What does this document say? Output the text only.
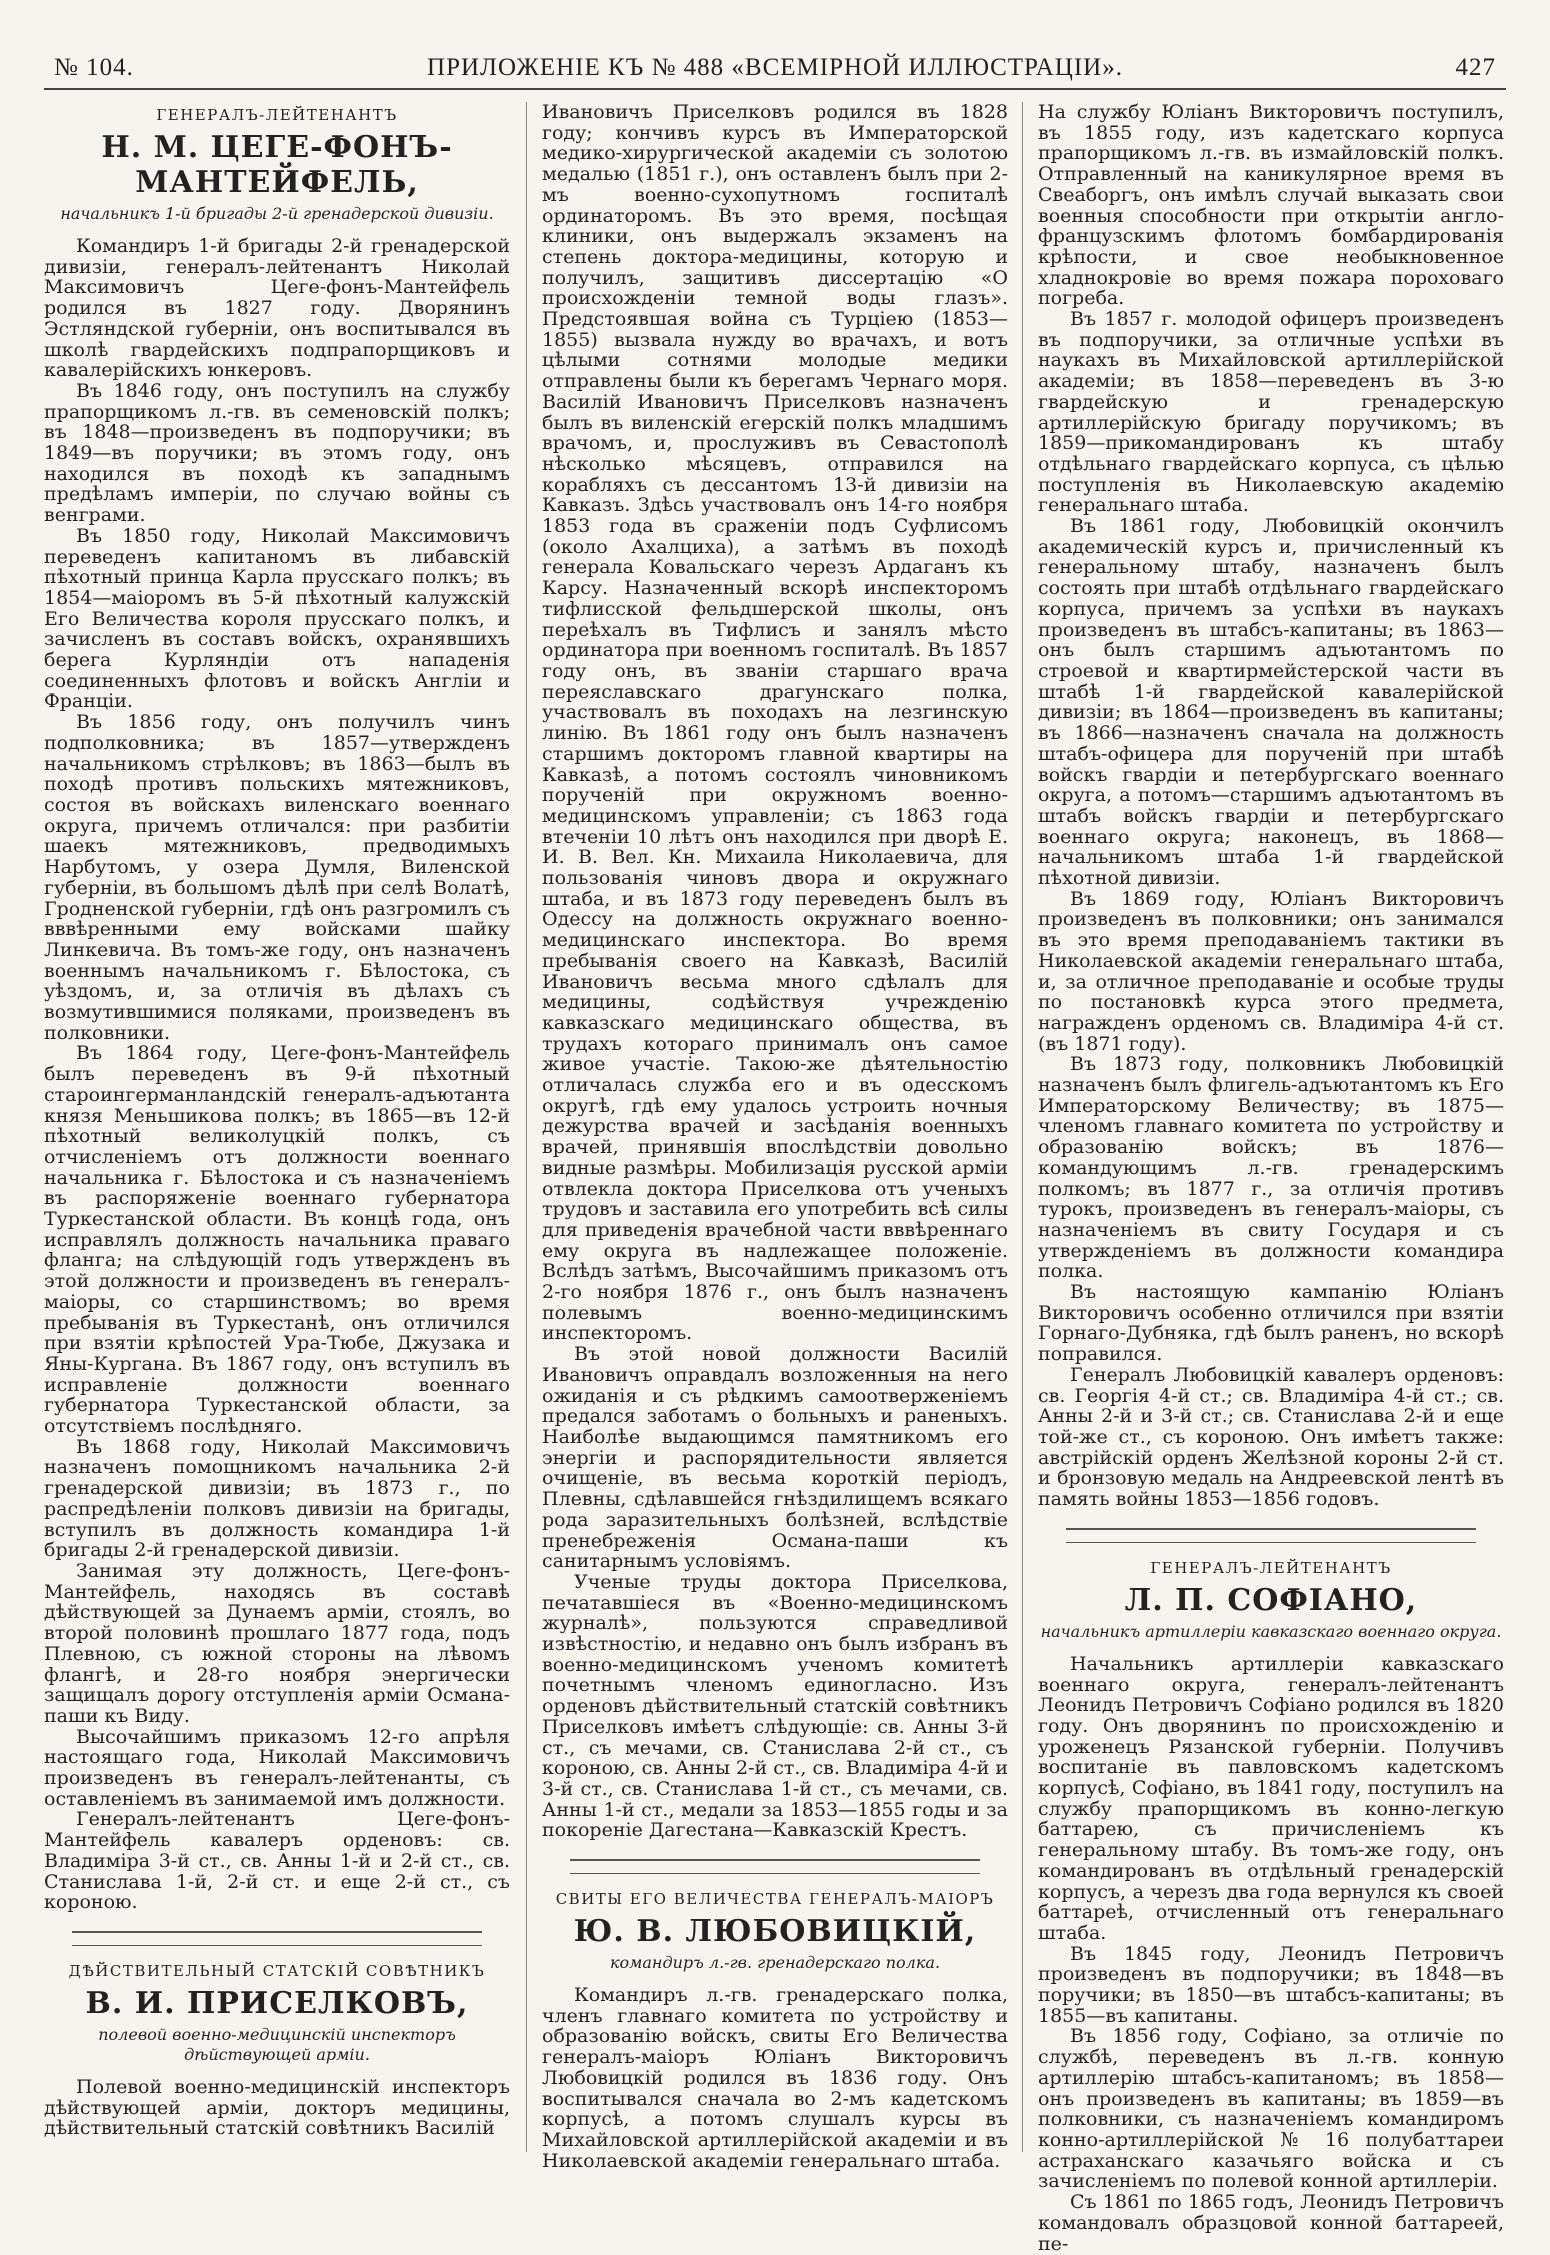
№ 104.	ПРИЛОЖЕНІЕ КЪ № 488 «ВСЕМІРНОЙ ИЛЛЮСТРАЦІИ».	427
ГЕНЕРАЛЪ-ЛЕЙТЕНАНТЪ
Н. М. ЦЕГЕ-ФОНЪ-МАНТЕЙФЕЛЬ,
начальникъ 1-й бригады 2-й гренадерской дивизіи.

Командиръ 1-й бригады 2-й гренадерской дивизіи, генералъ-лейтенантъ Николай Максимовичъ Цеге-фонъ-Мантейфель родился въ 1827 году. Дворянинъ Эстляндской губерніи, онъ воспитывался въ школѣ гвардейскихъ подпрапорщиковъ и кавалерійскихъ юнкеровъ.

Въ 1846 году, онъ поступилъ на службу прапорщикомъ л.-гв. въ семеновскій полкъ; въ 1848—произведенъ въ подпоручики; въ 1849—въ поручики; въ этомъ году, онъ находился въ походѣ къ западнымъ предѣламъ имперіи, по случаю войны съ венграми.

Въ 1850 году, Николай Максимовичъ переведенъ капитаномъ въ либавскій пѣхотный принца Карла прусскаго полкъ; въ 1854—маіоромъ въ 5-й пѣхотный калужскій Его Величества короля прусскаго полкъ, и зачисленъ въ составъ войскъ, охранявшихъ берега Курляндіи отъ нападенія соединенныхъ флотовъ и войскъ Англіи и Франціи.

Въ 1856 году, онъ получилъ чинъ подполковника; въ 1857—утвержденъ начальникомъ стрѣлковъ; въ 1863—былъ въ походѣ противъ польскихъ мятежниковъ, состоя въ войскахъ виленскаго военнаго округа, причемъ отличался: при разбитіи шаекъ мятежниковъ, предводимыхъ Нарбутомъ, у озера Думля, Виленской губерніи, въ большомъ дѣлѣ при селѣ Волатѣ, Гродненской губерніи, гдѣ онъ разгромилъ съ вввѣренными ему войсками шайку Линкевича. Въ томъ-же году, онъ назначенъ военнымъ начальникомъ г. Бѣлостока, съ уѣздомъ, и, за отличія въ дѣлахъ съ возмутившимися поляками, произведенъ въ полковники.

Въ 1864 году, Цеге-фонъ-Мантейфель былъ переведенъ въ 9-й пѣхотный староингерманландскій генералъ-адъютанта князя Меньшикова полкъ; въ 1865—въ 12-й пѣхотный великолуцкій полкъ, съ отчисленіемъ отъ должности военнаго начальника г. Бѣлостока и съ назначеніемъ въ распоряженіе военнаго губернатора Туркестанской области. Въ концѣ года, онъ исправлялъ должность начальника праваго фланга; на слѣдующій годъ утвержденъ въ этой должности и произведенъ въ генералъ-маіоры, со старшинствомъ; во время пребыванія въ Туркестанѣ, онъ отличился при взятіи крѣпостей Ура-Тюбе, Джузака и Яны-Кургана. Въ 1867 году, онъ вступилъ въ исправленіе должности военнаго губернатора Туркестанской области, за отсутствіемъ послѣдняго.

Въ 1868 году, Николай Максимовичъ назначенъ помощникомъ начальника 2-й гренадерской дивизіи; въ 1873 г., по распредѣленіи полковъ дивизіи на бригады, вступилъ въ должность командира 1-й бригады 2-й гренадерской дивизіи.

Занимая эту должность, Цеге-фонъ-Мантейфель, находясь въ составѣ дѣйствующей за Дунаемъ арміи, стоялъ, во второй половинѣ прошлаго 1877 года, подъ Плевною, съ южной стороны на лѣвомъ флангѣ, и 28-го ноября энергически защищалъ дорогу отступленія арміи Османа-паши къ Виду.

Высочайшимъ приказомъ 12-го апрѣля настоящаго года, Николай Максимовичъ произведенъ въ генералъ-лейтенанты, съ оставленіемъ въ занимаемой имъ должности.

Генералъ-лейтенантъ Цеге-фонъ-Мантейфель кавалеръ орденовъ: св. Владиміра 3-й ст., св. Анны 1-й и 2-й ст., св. Станислава 1-й, 2-й ст. и еще 2-й ст., съ короною.

ДѢЙСТВИТЕЛЬНЫЙ СТАТСКІЙ СОВѢТНИКЪ
В. И. ПРИСЕЛКОВЪ,
полевой военно-медицинскій инспекторъ дѣйствующей арміи.

Полевой военно-медицинскій инспекторъ дѣйствующей арміи, докторъ медицины, дѣйствительный статскій совѣтникъ Василій

Ивановичъ Приселковъ родился въ 1828 году; кончивъ курсъ въ Императорской медико-хирургической академіи съ золотою медалью (1851 г.), онъ оставленъ былъ при 2-мъ военно-сухопутномъ госпиталѣ ординаторомъ. Въ это время, посѣщая клиники, онъ выдержалъ экзаменъ на степень доктора-медицины, которую и получилъ, защитивъ диссертацію «О происхожденіи темной воды глазъ». Предстоявшая война съ Турціею (1853—1855) вызвала нужду во врачахъ, и вотъ цѣлыми сотнями молодые медики отправлены были къ берегамъ Чернаго моря. Василій Ивановичъ Приселковъ назначенъ былъ въ виленскій егерскій полкъ младшимъ врачомъ, и, прослуживъ въ Севастополѣ нѣсколько мѣсяцевъ, отправился на корабляхъ съ дессантомъ 13-й дивизіи на Кавказъ. Здѣсь участвовалъ онъ 14-го ноября 1853 года въ сраженіи подъ Суфлисомъ (около Ахалциха), а затѣмъ въ походѣ генерала Ковальскаго черезъ Ардаганъ къ Карсу. Назначенный вскорѣ инспекторомъ тифлисской фельдшерской школы, онъ переѣхалъ въ Тифлисъ и занялъ мѣсто ординатора при военномъ госпиталѣ. Въ 1857 году онъ, въ званіи старшаго врача переяславскаго драгунскаго полка, участвовалъ въ походахъ на лезгинскую линію. Въ 1861 году онъ былъ назначенъ старшимъ докторомъ главной квартиры на Кавказѣ, а потомъ состоялъ чиновникомъ порученій при окружномъ военно-медицинскомъ управленіи; съ 1863 года втеченіи 10 лѣтъ онъ находился при дворѣ Е. И. В. Вел. Кн. Михаила Николаевича, для пользованія чиновъ двора и окружнаго штаба, и въ 1873 году переведенъ былъ въ Одессу на должность окружнаго военно-медицинскаго инспектора. Во время пребыванія своего на Кавказѣ, Василій Ивановичъ весьма много сдѣлалъ для медицины, содѣйствуя учрежденію кавказскаго медицинскаго общества, въ трудахъ котораго принималъ онъ самое живое участіе. Такою-же дѣятельностію отличалась служба его и въ одесскомъ округѣ, гдѣ ему удалось устроить ночныя дежурства врачей и засѣданія военныхъ врачей, принявшія впослѣдствіи довольно видные размѣры. Мобилизація русской арміи отвлекла доктора Приселкова отъ ученыхъ трудовъ и заставила его употребить всѣ силы для приведенія врачебной части вввѣреннаго ему округа въ надлежащее положеніе. Вслѣдъ затѣмъ, Высочайшимъ приказомъ отъ 2-го ноября 1876 г., онъ былъ назначенъ полевымъ военно-медицинскимъ инспекторомъ.

Въ этой новой должности Василій Ивановичъ оправдалъ возложенныя на него ожиданія и съ рѣдкимъ самоотверженіемъ предался заботамъ о больныхъ и раненыхъ. Наиболѣе выдающимся памятникомъ его энергіи и распорядительности является очищеніе, въ весьма короткій періодъ, Плевны, сдѣлавшейся гнѣздилищемъ всякаго рода заразительныхъ болѣзней, вслѣдствіе пренебреженія Османа-паши къ санитарнымъ условіямъ.

Ученые труды доктора Приселкова, печатавшіеся въ «Военно-медицинскомъ журналѣ», пользуются справедливой извѣстностію, и недавно онъ былъ избранъ въ военно-медицинскомъ ученомъ комитетѣ почетнымъ членомъ единогласно. Изъ орденовъ дѣйствительный статскій совѣтникъ Приселковъ имѣетъ слѣдующіе: св. Анны 3-й ст., съ мечами, св. Станислава 2-й ст., съ короною, св. Анны 2-й ст., св. Владиміра 4-й и 3-й ст., св. Станислава 1-й ст., съ мечами, св. Анны 1-й ст., медали за 1853—1855 годы и за покореніе Дагестана—Кавказскій Крестъ.

СВИТЫ ЕГО ВЕЛИЧЕСТВА ГЕНЕРАЛЪ-МАІОРЪ
Ю. В. ЛЮБОВИЦКІЙ,
командиръ л.-гв. гренадерскаго полка.

Командиръ л.-гв. гренадерскаго полка, членъ главнаго комитета по устройству и образованію войскъ, свиты Его Величества генералъ-маіоръ Юліанъ Викторовичъ Любовицкій родился въ 1836 году. Онъ воспитывался сначала во 2-мъ кадетскомъ корпусѣ, а потомъ слушалъ курсы въ Михайловской артиллерійской академіи и въ Николаевской академіи генеральнаго штаба.

На службу Юліанъ Викторовичъ поступилъ, въ 1855 году, изъ кадетскаго корпуса прапорщикомъ л.-гв. въ измайловскій полкъ. Отправленный на каникулярное время въ Свеаборгъ, онъ имѣлъ случай выказать свои военныя способности при открытіи англо-французскимъ флотомъ бомбардированія крѣпости, и свое необыкновенное хладнокровіе во время пожара пороховаго погреба.

Въ 1857 г. молодой офицеръ произведенъ въ подпоручики, за отличные успѣхи въ наукахъ въ Михайловской артиллерійской академіи; въ 1858—переведенъ въ 3-ю гвардейскую и гренадерскую артиллерійскую бригаду поручикомъ; въ 1859—прикомандированъ къ штабу отдѣльнаго гвардейскаго корпуса, съ цѣлью поступленія въ Николаевскую академію генеральнаго штаба.

Въ 1861 году, Любовицкій окончилъ академическій курсъ и, причисленный къ генеральному штабу, назначенъ былъ состоять при штабѣ отдѣльнаго гвардейскаго корпуса, причемъ за успѣхи въ наукахъ произведенъ въ штабсъ-капитаны; въ 1863—онъ былъ старшимъ адъютантомъ по строевой и квартирмейстерской части въ штабѣ 1-й гвардейской кавалерійской дивизіи; въ 1864—произведенъ въ капитаны; въ 1866—назначенъ сначала на должность штабъ-офицера для порученій при штабѣ войскъ гвардіи и петербургскаго военнаго округа, а потомъ—старшимъ адъютантомъ въ штабъ войскъ гвардіи и петербургскаго военнаго округа; наконецъ, въ 1868—начальникомъ штаба 1-й гвардейской пѣхотной дивизіи.

Въ 1869 году, Юліанъ Викторовичъ произведенъ въ полковники; онъ занимался въ это время преподаваніемъ тактики въ Николаевской академіи генеральнаго штаба, и, за отличное преподаваніе и особые труды по постановкѣ курса этого предмета, награжденъ орденомъ св. Владиміра 4-й ст. (въ 1871 году).

Въ 1873 году, полковникъ Любовицкій назначенъ былъ флигель-адъютантомъ къ Его Императорскому Величеству; въ 1875—членомъ главнаго комитета по устройству и образованію войскъ; въ 1876—командующимъ л.-гв. гренадерскимъ полкомъ; въ 1877 г., за отличія противъ турокъ, произведенъ въ генералъ-маіоры, съ назначеніемъ въ свиту Государя и съ утвержденіемъ въ должности командира полка.

Въ настоящую кампанію Юліанъ Викторовичъ особенно отличился при взятіи Горнаго-Дубняка, гдѣ былъ раненъ, но вскорѣ поправился.

Генералъ Любовицкій кавалеръ орденовъ: св. Георгія 4-й ст.; св. Владиміра 4-й ст.; св. Анны 2-й и 3-й ст.; св. Станислава 2-й и еще той-же ст., съ короною. Онъ имѣетъ также: австрійскій орденъ Желѣзной короны 2-й ст. и бронзовую медаль на Андреевской лентѣ въ память войны 1853—1856 годовъ.

ГЕНЕРАЛЪ-ЛЕЙТЕНАНТЪ
Л. П. СОФІАНО,
начальникъ артиллеріи кавказскаго военнаго округа.

Начальникъ артиллеріи кавказскаго военнаго округа, генералъ-лейтенантъ Леонидъ Петровичъ Софіано родился въ 1820 году. Онъ дворянинъ по происхожденію и уроженецъ Рязанской губерніи. Получивъ воспитаніе въ павловскомъ кадетскомъ корпусѣ, Софіано, въ 1841 году, поступилъ на службу прапорщикомъ въ конно-легкую баттарею, съ причисленіемъ къ генеральному штабу. Въ томъ-же году, онъ командированъ въ отдѣльный гренадерскій корпусъ, а черезъ два года вернулся къ своей баттареѣ, отчисленный отъ генеральнаго штаба.

Въ 1845 году, Леонидъ Петровичъ произведенъ въ подпоручики; въ 1848—въ поручики; въ 1850—въ штабсъ-капитаны; въ 1855—въ капитаны.

Въ 1856 году, Софіано, за отличіе по службѣ, переведенъ въ л.-гв. конную артиллерію штабсъ-капитаномъ; въ 1858—онъ произведенъ въ капитаны; въ 1859—въ полковники, съ назначеніемъ командиромъ конно-артиллерійской № 16 полубаттареи астраханскаго казачьяго войска и съ зачисленіемъ по полевой конной артиллеріи.

Съ 1861 по 1865 годъ, Леонидъ Петровичъ командовалъ образцовой конной баттареей, пе-
